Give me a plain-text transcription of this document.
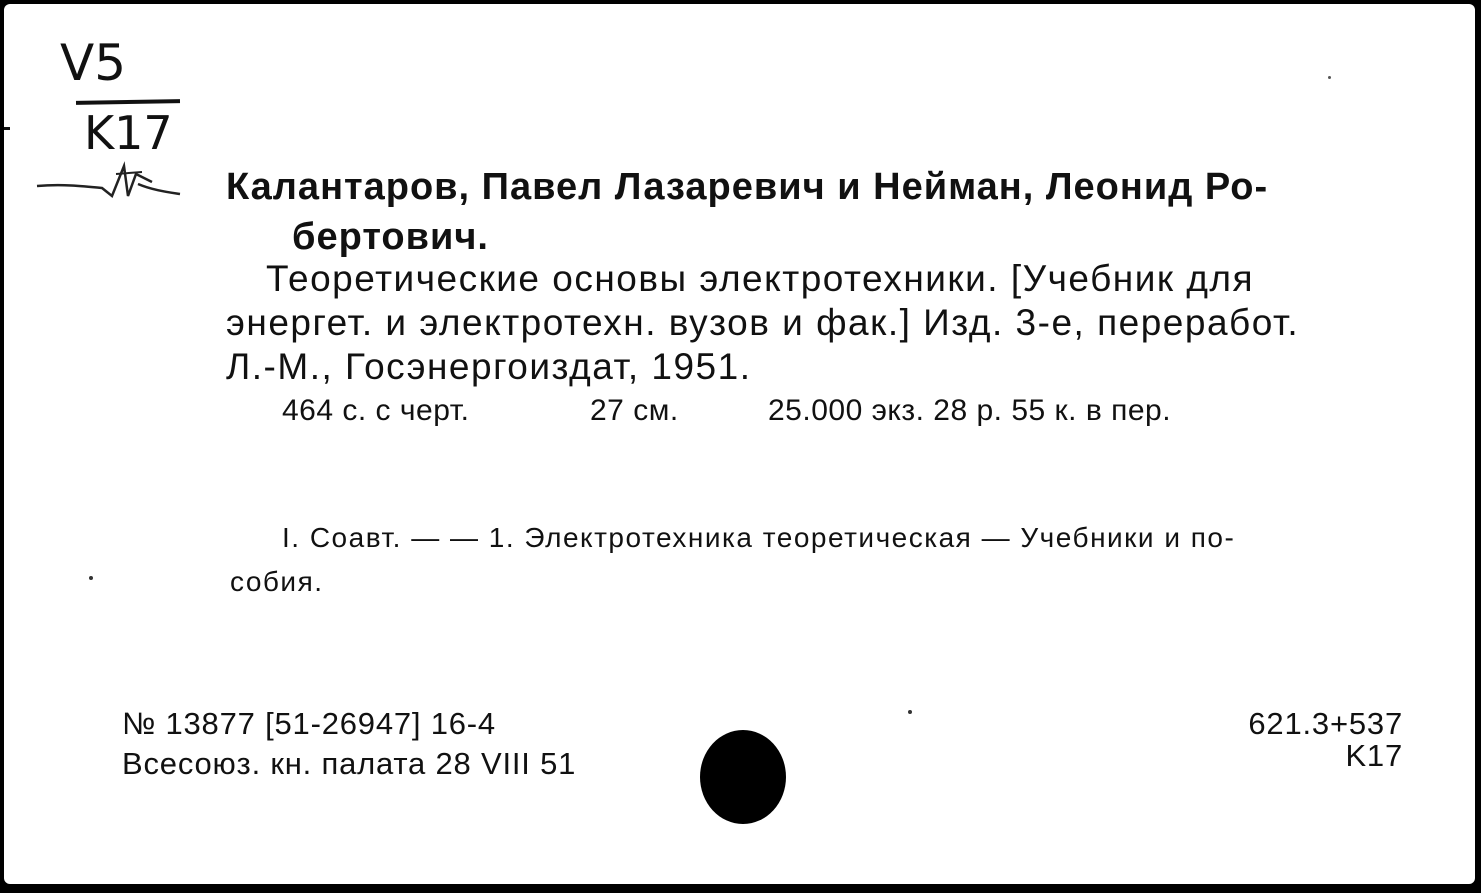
V5
K17
Калантаров, Павел Лазаревич и Нейман, Леонид Ро-
бертович.
Теоретические основы электротехники. [Учебник для
энергет. и электротехн. вузов и фак.] Изд. 3-е, переработ.
Л.-М., Госэнергоиздат, 1951.
464 с. с черт.	27 см.	25.000 экз. 28 р. 55 к. в пер.
I. Соавт. — — 1. Электротехника теоретическая — Учебники и по-
собия.
№ 13877 [51-26947] 16-4
Всесоюз. кн. палата 28 VIII 51
621.3+537
K17
